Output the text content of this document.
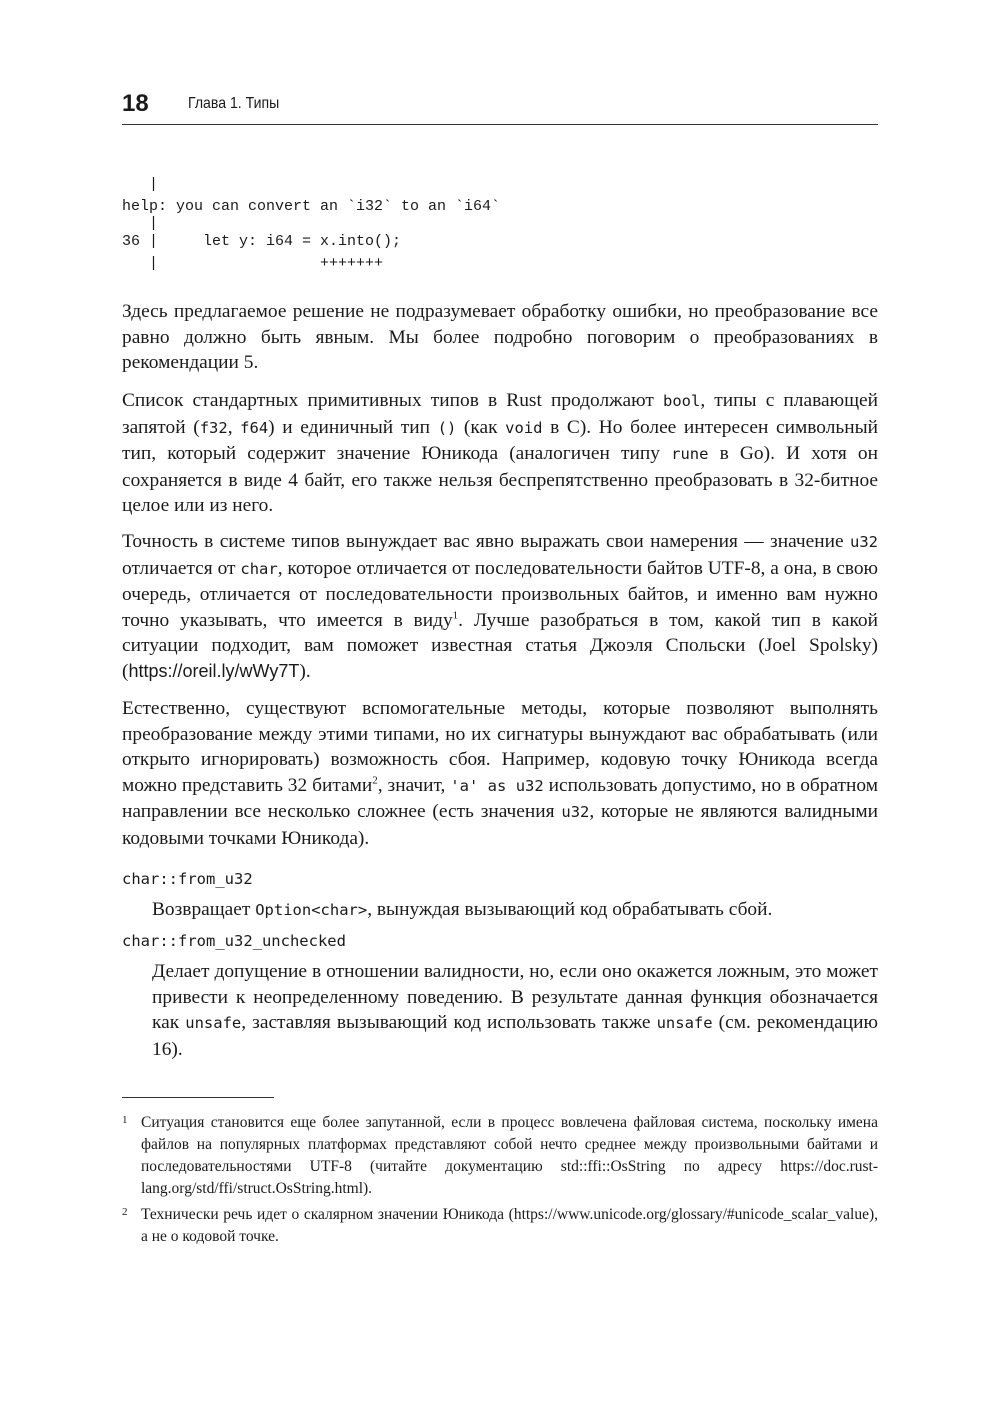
18 Глава 1. Типы
|
help: you can convert an `i32` to an `i64`
|
36 |     let y: i64 = x.into();
|                  +++++++

Здесь предлагаемое решение не подразумевает обработку ошибки, но преобразование все равно должно быть явным. Мы более подробно поговорим о преобразованиях в рекомендации 5.

Список стандартных примитивных типов в Rust продолжают bool, типы с плавающей запятой (f32, f64) и единичный тип () (как void в C). Но более интересен символьный тип, который содержит значение Юникода (аналогичен типу rune в Go). И хотя он сохраняется в виде 4 байт, его также нельзя беспрепятственно преобразовать в 32-битное целое или из него.

Точность в системе типов вынуждает вас явно выражать свои намерения — значение u32 отличается от char, которое отличается от последовательности байтов UTF-8, а она, в свою очередь, отличается от последовательности произвольных байтов, и именно вам нужно точно указывать, что имеется в виду$^1$. Лучше разобраться в том, какой тип в какой ситуации подходит, вам поможет известная статья Джоэля Спольски (Joel Spolsky) (https://oreil.ly/wWy7T).

Естественно, существуют вспомогательные методы, которые позволяют выполнять преобразование между этими типами, но их сигнатуры вынуждают вас обрабатывать (или открыто игнорировать) возможность сбоя. Например, кодовую точку Юникода всегда можно представить 32 битами$^2$, значит, 'a' as u32 использовать допустимо, но в обратном направлении все несколько сложнее (есть значения u32, которые не являются валидными кодовыми точками Юникода).

char::from_u32

Возвращает Option<char>, вынуждая вызывающий код обрабатывать сбой.

char::from_u32_unchecked

Делает допущение в отношении валидности, но, если оно окажется ложным, это может привести к неопределенному поведению. В результате данная функция обозначается как unsafe, заставляя вызывающий код использовать также unsafe (см. рекомендацию 16).

1 Ситуация становится еще более запутанной, если в процесс вовлечена файловая система, поскольку имена файлов на популярных платформах представляют собой нечто среднее между произвольными байтами и последовательностями UTF-8 (читайте документацию std::ffi::OsString по адресу https://doc.rust-lang.org/std/ffi/struct.OsString.html).

2 Технически речь идет о скалярном значении Юникода (https://www.unicode.org/glossary/#unicode_scalar_value), а не о кодовой точке.
